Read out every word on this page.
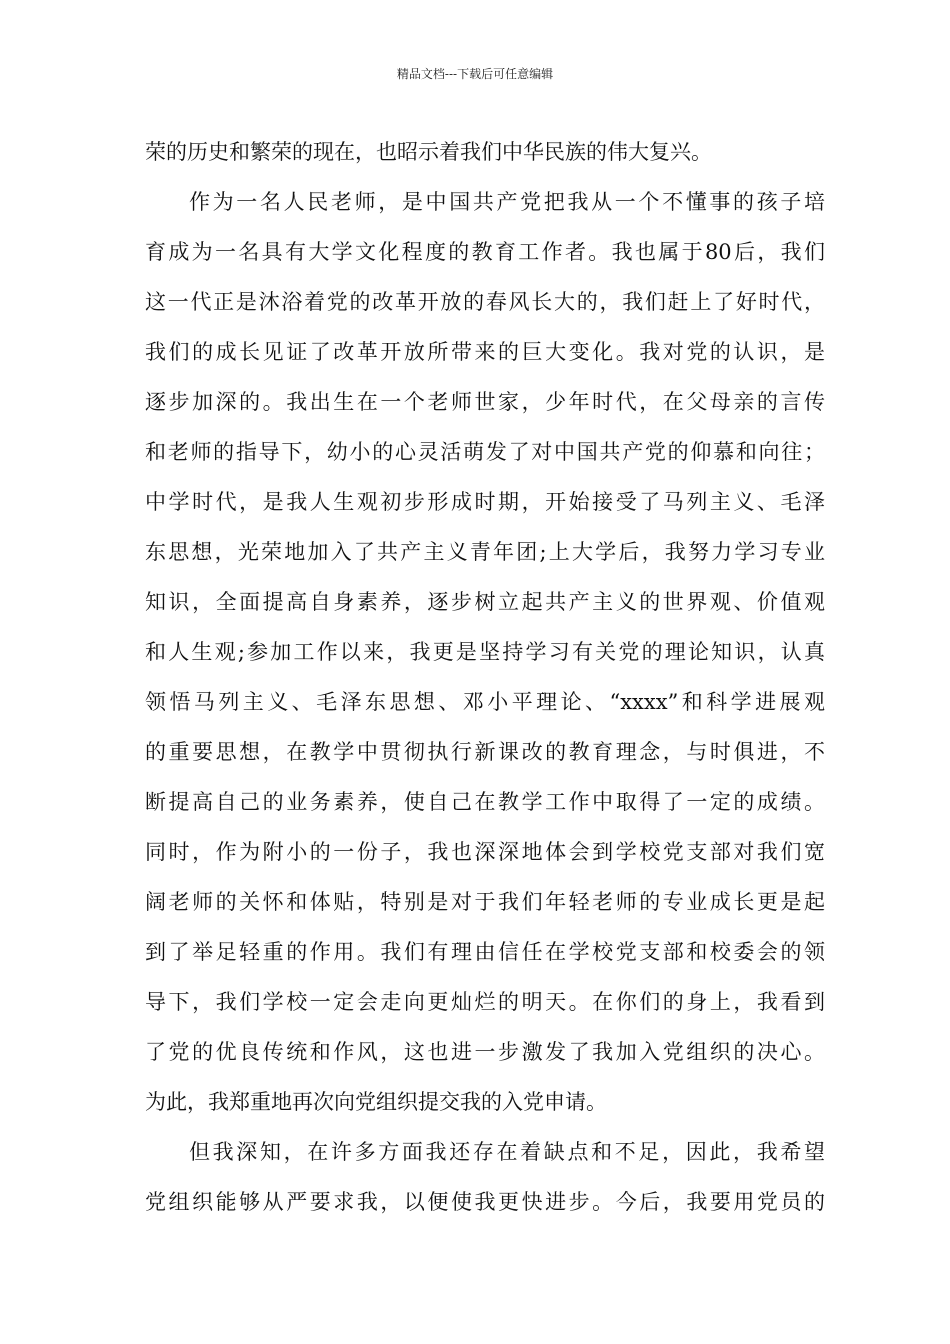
精品文档---下载后可任意编辑
荣的历史和繁荣的现在，也昭示着我们中华民族的伟大复兴。
作为一名人民老师，是中国共产党把我从一个不懂事的孩子培
育成为一名具有大学文化程度的教育工作者。我也属于80后，我们
这一代正是沐浴着党的改革开放的春风长大的，我们赶上了好时代，
我们的成长见证了改革开放所带来的巨大变化。我对党的认识，是
逐步加深的。我出生在一个老师世家，少年时代，在父母亲的言传
和老师的指导下，幼小的心灵活萌发了对中国共产党的仰慕和向往；
中学时代，是我人生观初步形成时期，开始接受了马列主义、毛泽
东思想，光荣地加入了共产主义青年团;上大学后，我努力学习专业
知识，全面提高自身素养，逐步树立起共产主义的世界观、价值观
和人生观;参加工作以来，我更是坚持学习有关党的理论知识，认真
领悟马列主义、毛泽东思想、邓小平理论、“xxxx”和科学进展观
的重要思想，在教学中贯彻执行新课改的教育理念，与时俱进，不
断提高自己的业务素养，使自己在教学工作中取得了一定的成绩。
同时，作为附小的一份子，我也深深地体会到学校党支部对我们宽
阔老师的关怀和体贴，特别是对于我们年轻老师的专业成长更是起
到了举足轻重的作用。我们有理由信任在学校党支部和校委会的领
导下，我们学校一定会走向更灿烂的明天。在你们的身上，我看到
了党的优良传统和作风，这也进一步激发了我加入党组织的决心。
为此，我郑重地再次向党组织提交我的入党申请。
但我深知，在许多方面我还存在着缺点和不足，因此，我希望
党组织能够从严要求我，以便使我更快进步。今后，我要用党员的
